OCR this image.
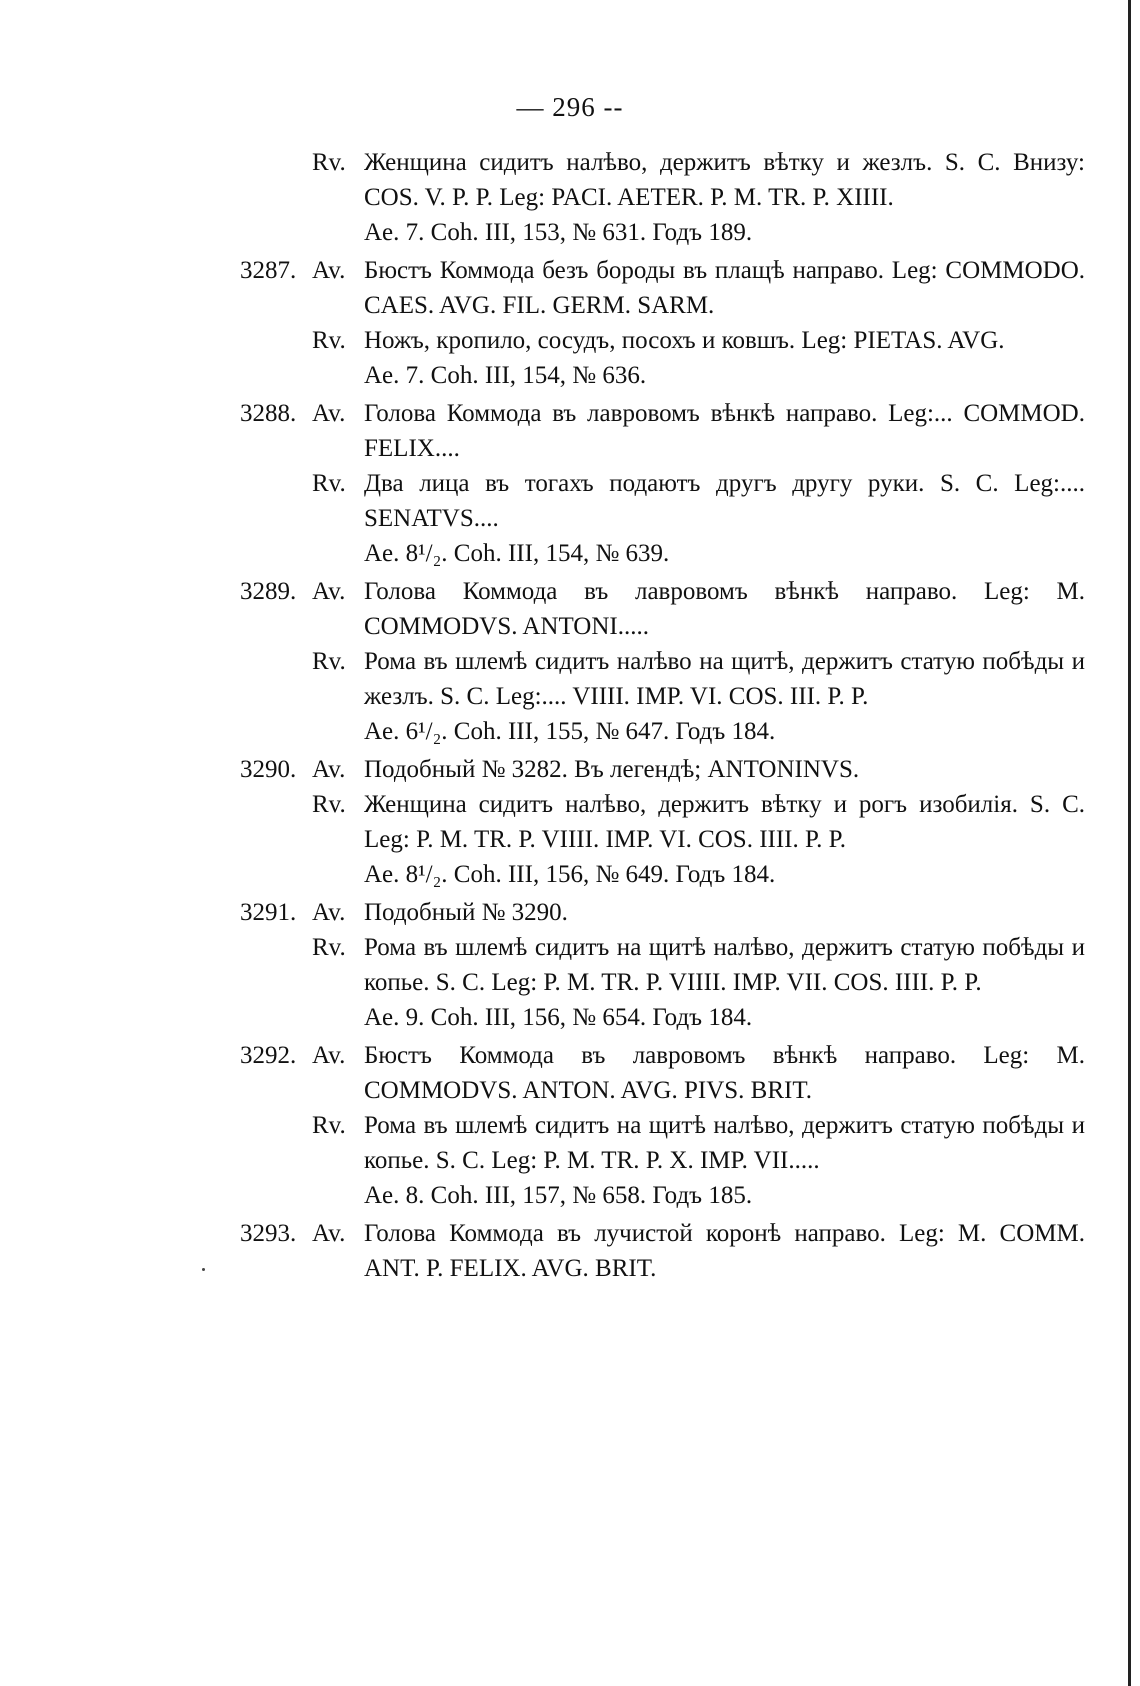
— 296 --
Rv. Женщина сидитъ налѣво, держитъ вѣтку и жезлъ. S. C. Внизу: COS. V. P. P. Leg: PACI. AETER. P. M. TR. P. XIIII.
Ae. 7. Coh. III, 153, № 631. Годъ 189.
3287. Av. Бюстъ Коммода безъ бороды въ плащѣ направо. Leg: COMMODO. CAES. AVG. FIL. GERM. SARM.
Rv. Ножъ, кропило, сосудъ, посохъ и ковшъ. Leg: PIETAS. AVG.
Ae. 7. Coh. III, 154, № 636.
3288. Av. Голова Коммода въ лавровомъ вѣнкѣ направо. Leg:... COMMOD. FELIX....
Rv. Два лица въ тогахъ подаютъ другъ другу руки. S. C. Leg:.... SENATVS....
Ae. 8¹/₂. Coh. III, 154, № 639.
3289. Av. Голова Коммода въ лавровомъ вѣнкѣ направо. Leg: M. COMMODVS. ANTONI.....
Rv. Рома въ шлемѣ сидитъ налѣво на щитѣ, держитъ статую побѣды и жезлъ. S. C. Leg:.... VIIII. IMP. VI. COS. III. P. P.
Ae. 6¹/₂. Coh. III, 155, № 647. Годъ 184.
3290. Av. Подобный № 3282. Въ легендѣ; ANTONINVS.
Rv. Женщина сидитъ налѣво, держитъ вѣтку и рогъ изобилія. S. C. Leg: P. M. TR. P. VIIII. IMP. VI. COS. IIII. P. P.
Ae. 8¹/₂. Coh. III, 156, № 649. Годъ 184.
3291. Av. Подобный № 3290.
Rv. Рома въ шлемѣ сидитъ на щитѣ налѣво, держитъ статую побѣды и копье. S. C. Leg: P. M. TR. P. VIIII. IMP. VII. COS. IIII. P. P.
Ae. 9. Coh. III, 156, № 654. Годъ 184.
3292. Av. Бюстъ Коммода въ лавровомъ вѣнкѣ направо. Leg: M. COMMODVS. ANTON. AVG. PIVS. BRIT.
Rv. Рома въ шлемѣ сидитъ на щитѣ налѣво, держитъ статую побѣды и копье. S. C. Leg: P. M. TR. P. X. IMP. VII.....
Ae. 8. Coh. III, 157, № 658. Годъ 185.
3293. Av. Голова Коммода въ лучистой коронѣ направо. Leg: M. COMM. ANT. P. FELIX. AVG. BRIT.
